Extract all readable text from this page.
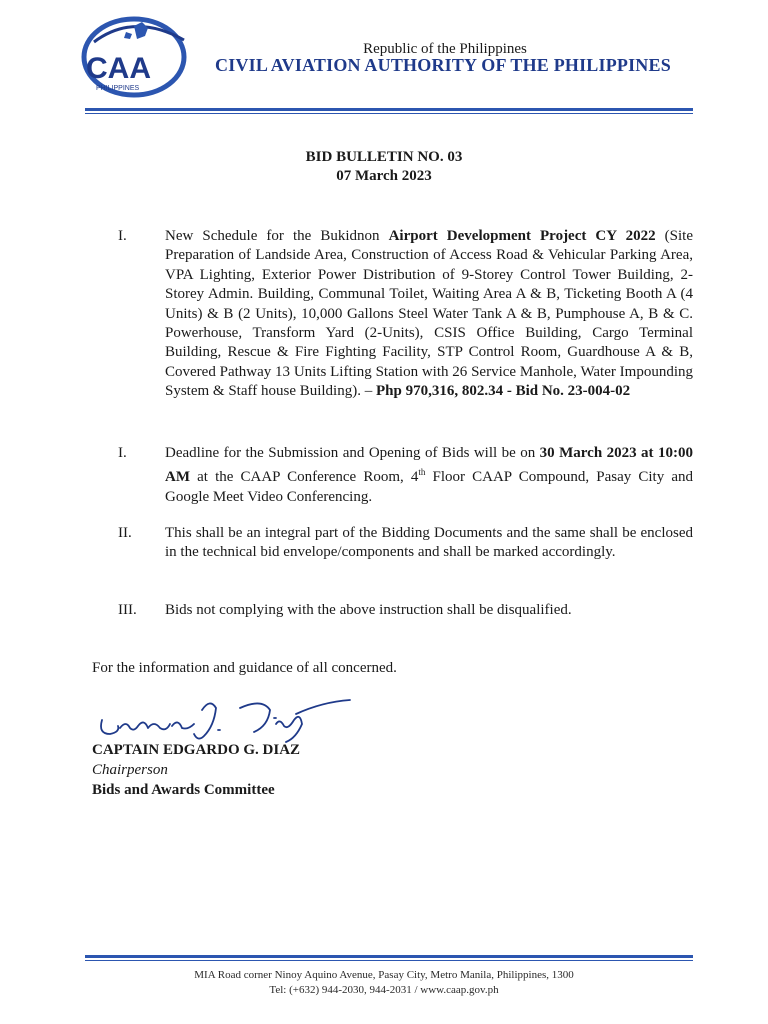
CAA
PHILIPPINES
Republic of the Philippines
CIVIL AVIATION AUTHORITY OF THE PHILIPPINES
BID BULLETIN NO. 03
07 March 2023
I.	New Schedule for the Bukidnon Airport Development Project CY 2022 (Site Preparation of Landside Area, Construction of Access Road & Vehicular Parking Area, VPA Lighting, Exterior Power Distribution of 9-Storey Control Tower Building, 2-Storey Admin. Building, Communal Toilet, Waiting Area A & B, Ticketing Booth A (4 Units) & B (2 Units), 10,000 Gallons Steel Water Tank A & B, Pumphouse A, B & C. Powerhouse, Transform Yard (2-Units), CSIS Office Building, Cargo Terminal Building, Rescue & Fire Fighting Facility, STP Control Room, Guardhouse A & B, Covered Pathway 13 Units Lifting Station with 26 Service Manhole, Water Impounding System & Staff house Building). – Php 970,316, 802.34 - Bid No. 23-004-02
I.	Deadline for the Submission and Opening of Bids will be on 30 March 2023 at 10:00 AM at the CAAP Conference Room, 4th Floor CAAP Compound, Pasay City and Google Meet Video Conferencing.
II.	This shall be an integral part of the Bidding Documents and the same shall be enclosed in the technical bid envelope/components and shall be marked accordingly.
III.	Bids not complying with the above instruction shall be disqualified.
For the information and guidance of all concerned.
CAPTAIN EDGARDO G. DIAZ
Chairperson
Bids and Awards Committee
MIA Road corner Ninoy Aquino Avenue, Pasay City, Metro Manila, Philippines, 1300
Tel: (+632) 944-2030, 944-2031 / www.caap.gov.ph
